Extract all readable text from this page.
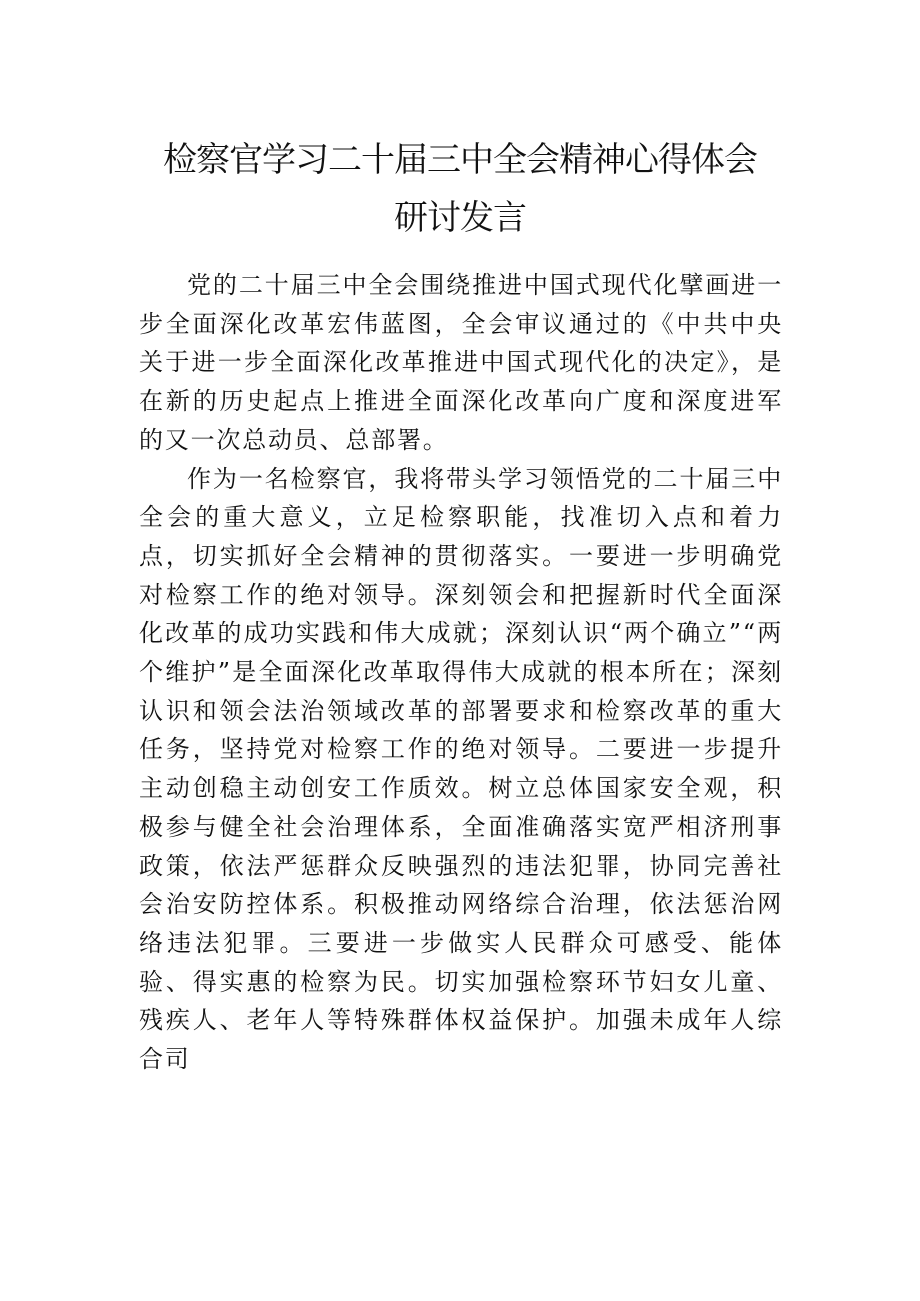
检察官学习二十届三中全会精神心得体会
研讨发言

党的二十届三中全会围绕推进中国式现代化擘画进一步全面深化改革宏伟蓝图，全会审议通过的《中共中央关于进一步全面深化改革推进中国式现代化的决定》，是在新的历史起点上推进全面深化改革向广度和深度进军的又一次总动员、总部署。

作为一名检察官，我将带头学习领悟党的二十届三中全会的重大意义，立足检察职能，找准切入点和着力点，切实抓好全会精神的贯彻落实。一要进一步明确党对检察工作的绝对领导。深刻领会和把握新时代全面深化改革的成功实践和伟大成就；深刻认识“两个确立”“两个维护”是全面深化改革取得伟大成就的根本所在；深刻认识和领会法治领域改革的部署要求和检察改革的重大任务，坚持党对检察工作的绝对领导。二要进一步提升主动创稳主动创安工作质效。树立总体国家安全观，积极参与健全社会治理体系，全面准确落实宽严相济刑事政策，依法严惩群众反映强烈的违法犯罪，协同完善社会治安防控体系。积极推动网络综合治理，依法惩治网络违法犯罪。三要进一步做实人民群众可感受、能体验、得实惠的检察为民。切实加强检察环节妇女儿童、残疾人、老年人等特殊群体权益保护。加强未成年人综合司
